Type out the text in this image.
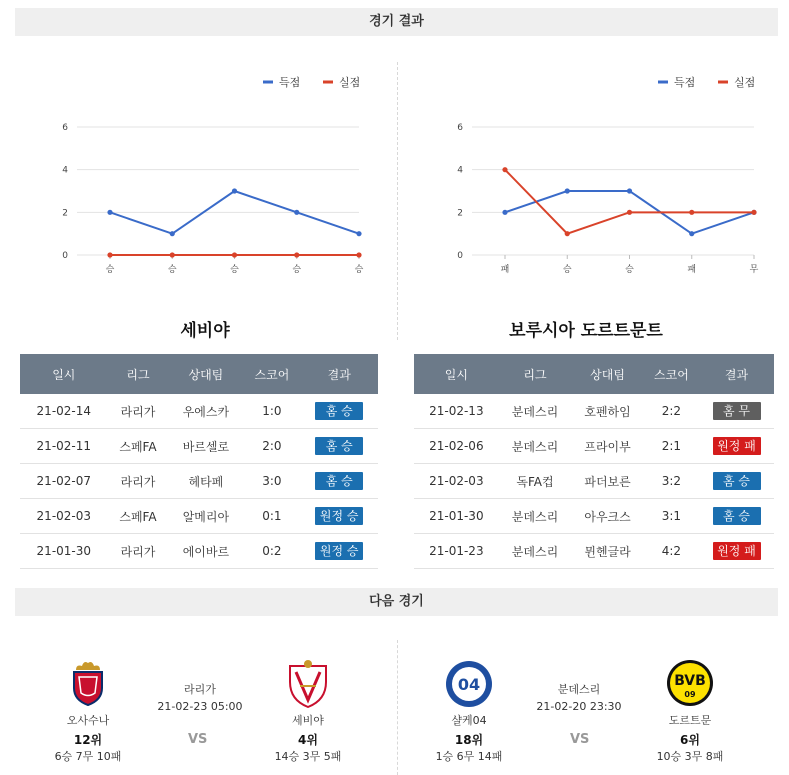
경기 결과
득점	실점
0
2
4
6
승	승	승	승	승
득점	실점
0
2
4
6
패	승	승	패	무
세비야	보루시아 도르트문트
일시	리그	상대팀	스코어	결과
21-02-14	라리가	우에스카	1:0	홈 승
21-02-11	스페FA	바르셀로	2:0	홈 승
21-02-07	라리가	헤타페	3:0	홈 승
21-02-03	스페FA	알메리아	0:1	원정 승
21-01-30	라리가	에이바르	0:2	원정 승
일시	리그	상대팀	스코어	결과
21-02-13	분데스리	호펜하임	2:2	홈 무
21-02-06	분데스리	프라이부	2:1	원정 패
21-02-03	독FA컵	파더보른	3:2	홈 승
21-01-30	분데스리	아우크스	3:1	홈 승
21-01-23	분데스리	뮌헨글라	4:2	원정 패
다음 경기
오사수나
12위
6승 7무 10패
라리가
21-02-23 05:00
VS
세비야
4위
14승 3무 5패
04
샬케04
18위
1승 6무 14패
분데스리
21-02-20 23:30
VS
BVB
09
도르트문
6위
10승 3무 8패
